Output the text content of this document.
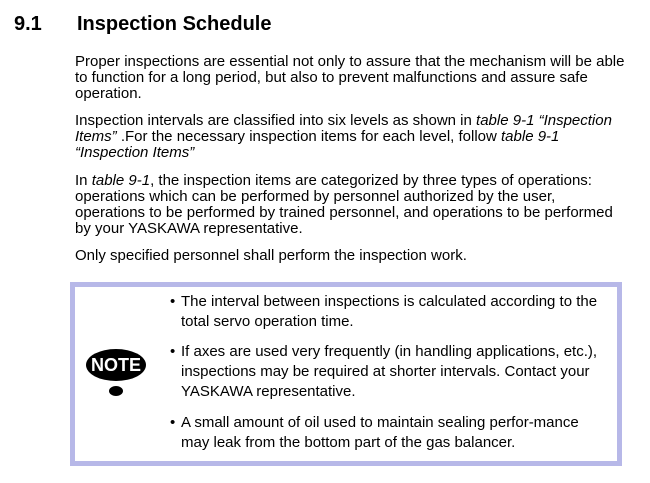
9.1 Inspection Schedule

Proper inspections are essential not only to assure that the mechanism will be able to function for a long period, but also to prevent malfunctions and assure safe operation.

Inspection intervals are classified into six levels as shown in table 9-1 “Inspection Items” .For the necessary inspection items for each level, follow table 9-1 “Inspection Items”

In table 9-1, the inspection items are categorized by three types of operations: operations which can be performed by personnel authorized by the user, operations to be performed by trained personnel, and operations to be performed by your YASKAWA representative.

Only specified personnel shall perform the inspection work.

NOTE
• The interval between inspections is calculated according to the total servo operation time.
• If axes are used very frequently (in handling applications, etc.), inspections may be required at shorter intervals. Contact your YASKAWA representative.
• A small amount of oil used to maintain sealing perfor-mance may leak from the bottom part of the gas balancer.
